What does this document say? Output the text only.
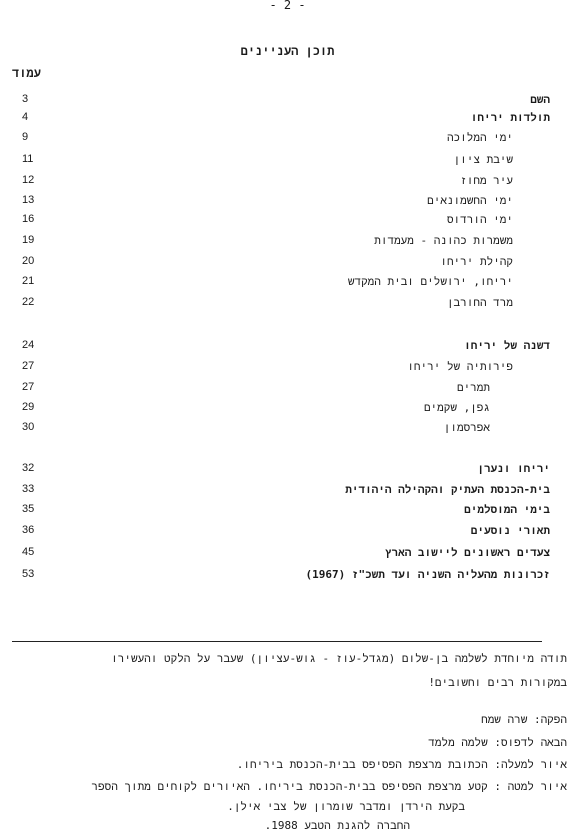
- 2 -
תוכן העניינים
עמוד
3	השם
4	תולדות יריחו
9	ימי המלוכה
11	שיבת ציון
12	עיר מחוז
13	ימי החשמונאים
16	ימי הורדוס
19	משמרות כהונה - מעמדות
20	קהילת יריחו
21	יריחו, ירושלים ובית המקדש
22	מרד החורבן
24	דשנה של יריחו
27	פירותיה של יריחו
27	תמרים
29	גפן, שקמים
30	אפרסמון
32	יריחו ונערן
33	בית-הכנסת העתיק והקהילה היהודית
35	בימי המוסלמים
36	תאורי נוסעים
45	צעדים ראשונים ליישוב הארץ
53	זכרונות מהעליה השניה ועד תשכ"ז (1967)
תודה מיוחדת לשלמה בן-שלום (מגדל-עוז - גוש-עציון) שעבר על הלקט והעשירו
במקורות רבים וחשובים!
הפקה: שרה שמח
הבאה לדפוס: שלמה מלמד
איור למעלה: הכתובת מרצפת הפסיפס בבית-הכנסת ביריחו.
איור למטה : קטע מרצפת הפסיפס בבית-הכנסת ביריחו. האיורים לקוחים מתוך הספר
בקעת הירדן ומדבר שומרון של צבי אילן.
החברה להגנת הטבע 1988.
